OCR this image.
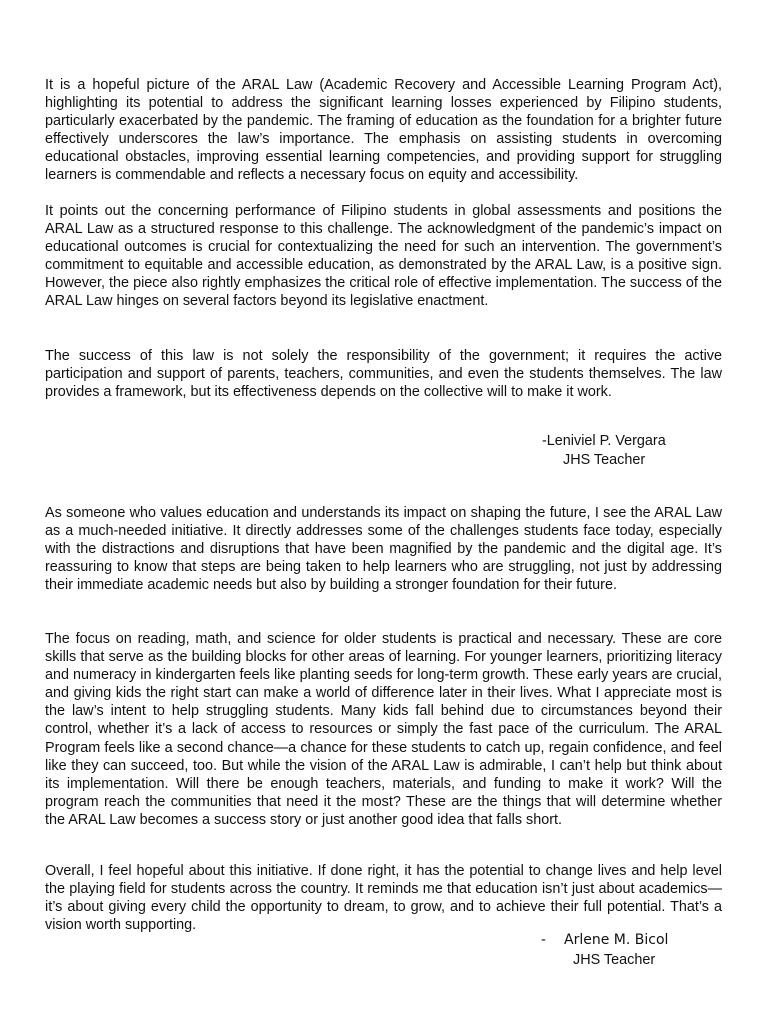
It is a hopeful picture of the ARAL Law (Academic Recovery and Accessible Learning Program Act), highlighting its potential to address the significant learning losses experienced by Filipino students, particularly exacerbated by the pandemic. The framing of education as the foundation for a brighter future effectively underscores the law’s importance. The emphasis on assisting students in overcoming educational obstacles, improving essential learning competencies, and providing support for struggling learners is commendable and reflects a necessary focus on equity and accessibility.

It points out the concerning performance of Filipino students in global assessments and positions the ARAL Law as a structured response to this challenge. The acknowledgment of the pandemic’s impact on educational outcomes is crucial for contextualizing the need for such an intervention. The government’s commitment to equitable and accessible education, as demonstrated by the ARAL Law, is a positive sign. However, the piece also rightly emphasizes the critical role of effective implementation. The success of the ARAL Law hinges on several factors beyond its legislative enactment.

The success of this law is not solely the responsibility of the government; it requires the active participation and support of parents, teachers, communities, and even the students themselves. The law provides a framework, but its effectiveness depends on the collective will to make it work.

-Leniviel P. Vergara

JHS Teacher

As someone who values education and understands its impact on shaping the future, I see the ARAL Law as a much-needed initiative. It directly addresses some of the challenges students face today, especially with the distractions and disruptions that have been magnified by the pandemic and the digital age. It’s reassuring to know that steps are being taken to help learners who are struggling, not just by addressing their immediate academic needs but also by building a stronger foundation for their future.

The focus on reading, math, and science for older students is practical and necessary. These are core skills that serve as the building blocks for other areas of learning. For younger learners, prioritizing literacy and numeracy in kindergarten feels like planting seeds for long-term growth. These early years are crucial, and giving kids the right start can make a world of difference later in their lives. What I appreciate most is the law’s intent to help struggling students. Many kids fall behind due to circumstances beyond their control, whether it’s a lack of access to resources or simply the fast pace of the curriculum. The ARAL Program feels like a second chance—a chance for these students to catch up, regain confidence, and feel like they can succeed, too. But while the vision of the ARAL Law is admirable, I can’t help but think about its implementation. Will there be enough teachers, materials, and funding to make it work? Will the program reach the communities that need it the most? These are the things that will determine whether the ARAL Law becomes a success story or just another good idea that falls short.

Overall, I feel hopeful about this initiative. If done right, it has the potential to change lives and help level the playing field for students across the country. It reminds me that education isn’t just about academics—it’s about giving every child the opportunity to dream, to grow, and to achieve their full potential. That’s a vision worth supporting.

- Arlene M. Bicol

JHS Teacher
